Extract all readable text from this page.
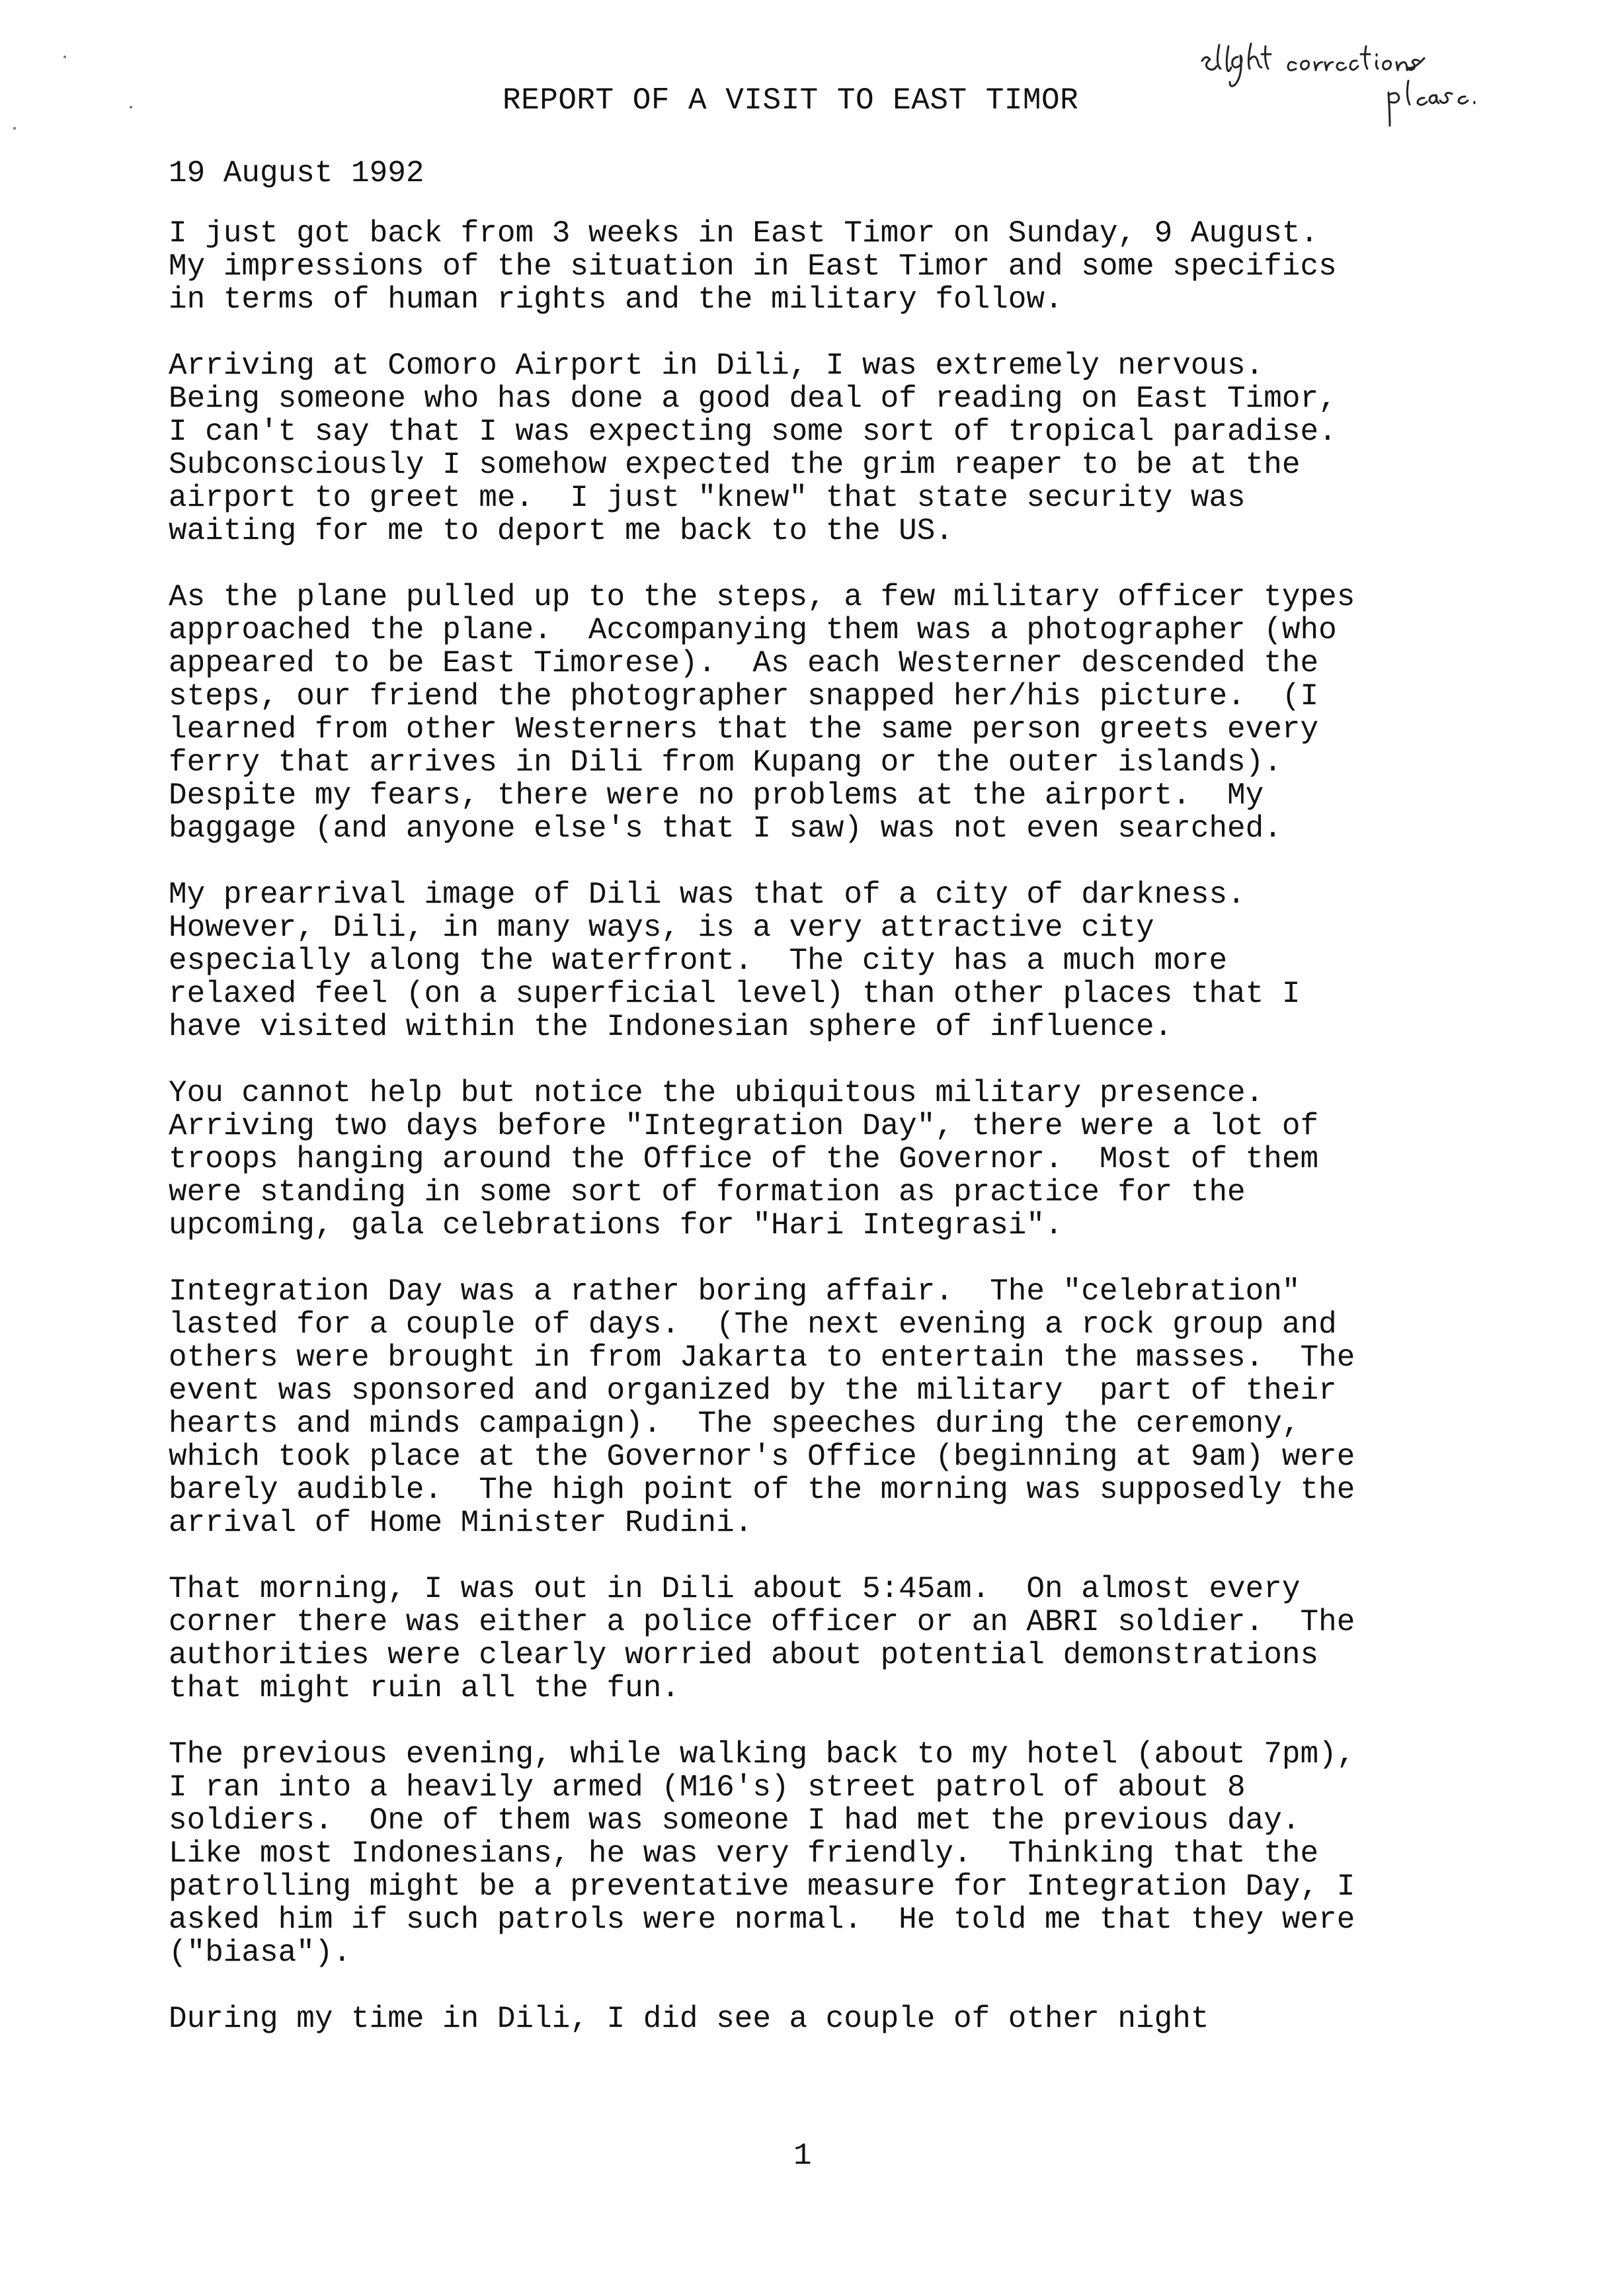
REPORT OF A VISIT TO EAST TIMOR
19 August 1992
I just got back from 3 weeks in East Timor on Sunday, 9 August.
My impressions of the situation in East Timor and some specifics
in terms of human rights and the military follow.
Arriving at Comoro Airport in Dili, I was extremely nervous.
Being someone who has done a good deal of reading on East Timor,
I can't say that I was expecting some sort of tropical paradise.
Subconsciously I somehow expected the grim reaper to be at the
airport to greet me.  I just "knew" that state security was
waiting for me to deport me back to the US.
As the plane pulled up to the steps, a few military officer types
approached the plane.  Accompanying them was a photographer (who
appeared to be East Timorese).  As each Westerner descended the
steps, our friend the photographer snapped her/his picture.  (I
learned from other Westerners that the same person greets every
ferry that arrives in Dili from Kupang or the outer islands).
Despite my fears, there were no problems at the airport.  My
baggage (and anyone else's that I saw) was not even searched.
My prearrival image of Dili was that of a city of darkness.
However, Dili, in many ways, is a very attractive city
especially along the waterfront.  The city has a much more
relaxed feel (on a superficial level) than other places that I
have visited within the Indonesian sphere of influence.
You cannot help but notice the ubiquitous military presence.
Arriving two days before "Integration Day", there were a lot of
troops hanging around the Office of the Governor.  Most of them
were standing in some sort of formation as practice for the
upcoming, gala celebrations for "Hari Integrasi".
Integration Day was a rather boring affair.  The "celebration"
lasted for a couple of days.  (The next evening a rock group and
others were brought in from Jakarta to entertain the masses.  The
event was sponsored and organized by the military  part of their
hearts and minds campaign).  The speeches during the ceremony,
which took place at the Governor's Office (beginning at 9am) were
barely audible.  The high point of the morning was supposedly the
arrival of Home Minister Rudini.
That morning, I was out in Dili about 5:45am.  On almost every
corner there was either a police officer or an ABRI soldier.  The
authorities were clearly worried about potential demonstrations
that might ruin all the fun.
The previous evening, while walking back to my hotel (about 7pm),
I ran into a heavily armed (M16's) street patrol of about 8
soldiers.  One of them was someone I had met the previous day.
Like most Indonesians, he was very friendly.  Thinking that the
patrolling might be a preventative measure for Integration Day, I
asked him if such patrols were normal.  He told me that they were
("biasa").
During my time in Dili, I did see a couple of other night
1
